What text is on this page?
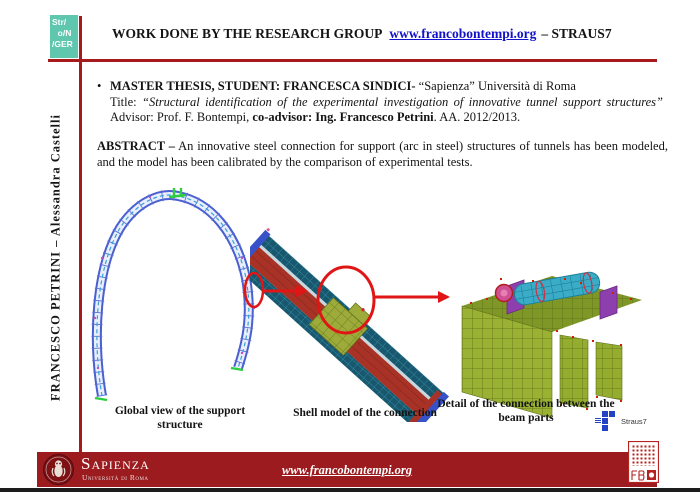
Str/
o/N
/GER
WORK DONE BY THE RESEARCH GROUP www.francobontempi.org – STRAUS7
FRANCESCO PETRINI – Alessandra Castelli
• MASTER THESIS, STUDENT: FRANCESCA SINDICI- “Sapienza” Università di Roma
Title: “Structural identification of the experimental investigation of innovative tunnel support structures” Advisor: Prof. F. Bontempi, co-advisor: Ing. Francesco Petrini. AA. 2012/2013.
ABSTRACT – An innovative steel connection for support (arc in steel) structures of tunnels has been modeled, and the model has been calibrated by the comparison of experimental tests.
Global view of the support structure
Shell model of the connection
Detail of the connection between the beam parts	Straus7
Sapienza
Università di Roma
www.francobontempi.org
